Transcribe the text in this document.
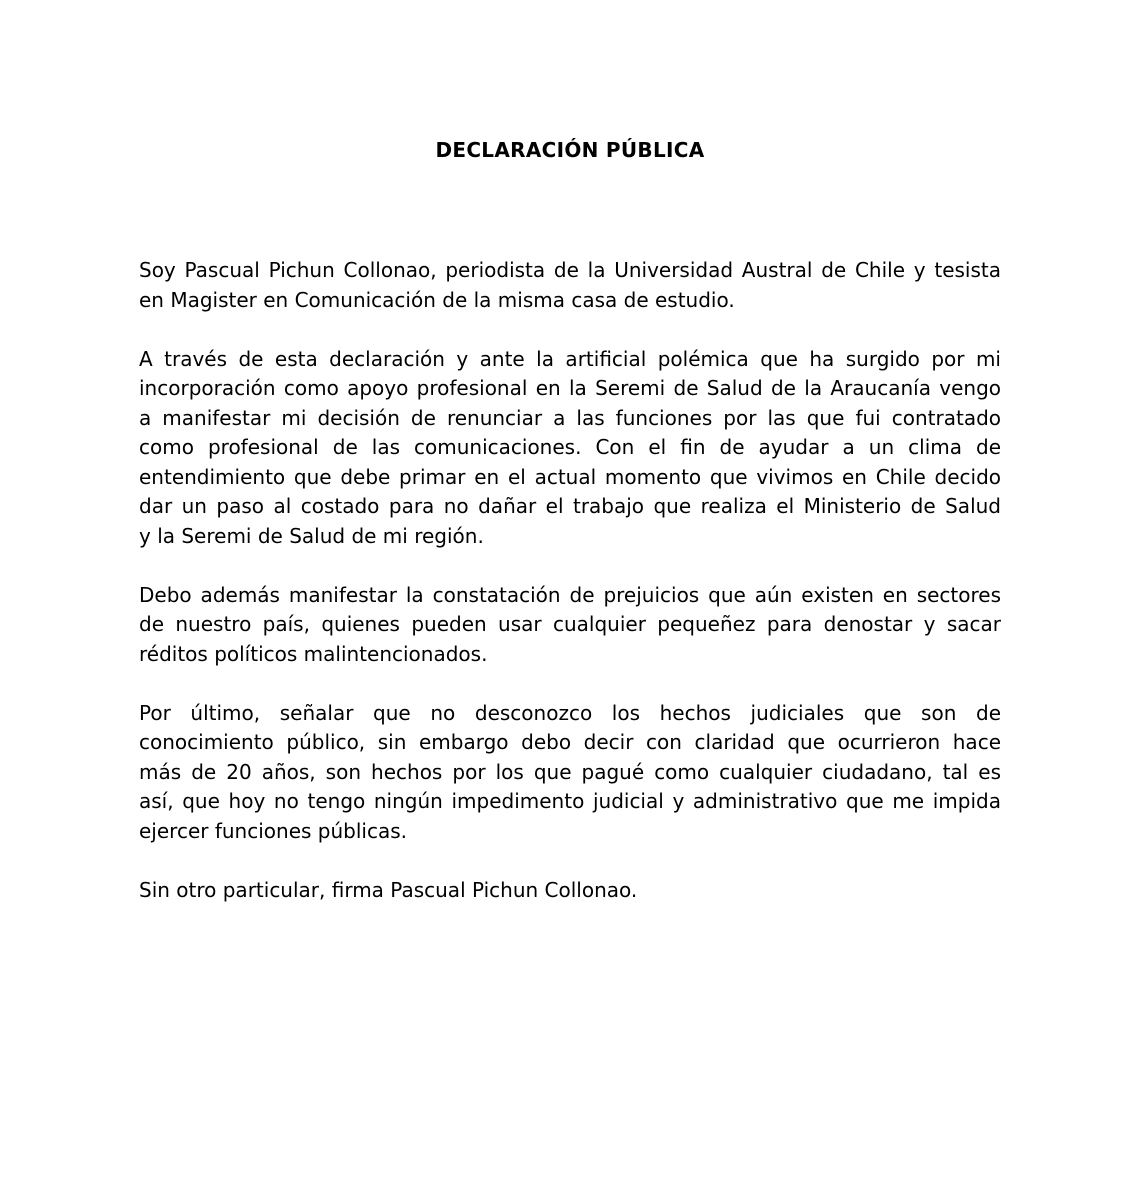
DECLARACIÓN PÚBLICA

Soy Pascual Pichun Collonao, periodista de la Universidad Austral de Chile y tesista
en Magister en Comunicación de la misma casa de estudio.

A través de esta declaración y ante la artificial polémica que ha surgido por mi
incorporación como apoyo profesional en la Seremi de Salud de la Araucanía vengo
a manifestar mi decisión de renunciar a las funciones por las que fui contratado
como profesional de las comunicaciones. Con el fin de ayudar a un clima de
entendimiento que debe primar en el actual momento que vivimos en Chile decido
dar un paso al costado para no dañar el trabajo que realiza el Ministerio de Salud
y la Seremi de Salud de mi región.

Debo además manifestar la constatación de prejuicios que aún existen en sectores
de nuestro país, quienes pueden usar cualquier pequeñez para denostar y sacar
réditos políticos malintencionados.

Por último, señalar que no desconozco los hechos judiciales que son de
conocimiento público, sin embargo debo decir con claridad que ocurrieron hace
más de 20 años, son hechos por los que pagué como cualquier ciudadano, tal es
así, que hoy no tengo ningún impedimento judicial y administrativo que me impida
ejercer funciones públicas.

Sin otro particular, firma Pascual Pichun Collonao.
